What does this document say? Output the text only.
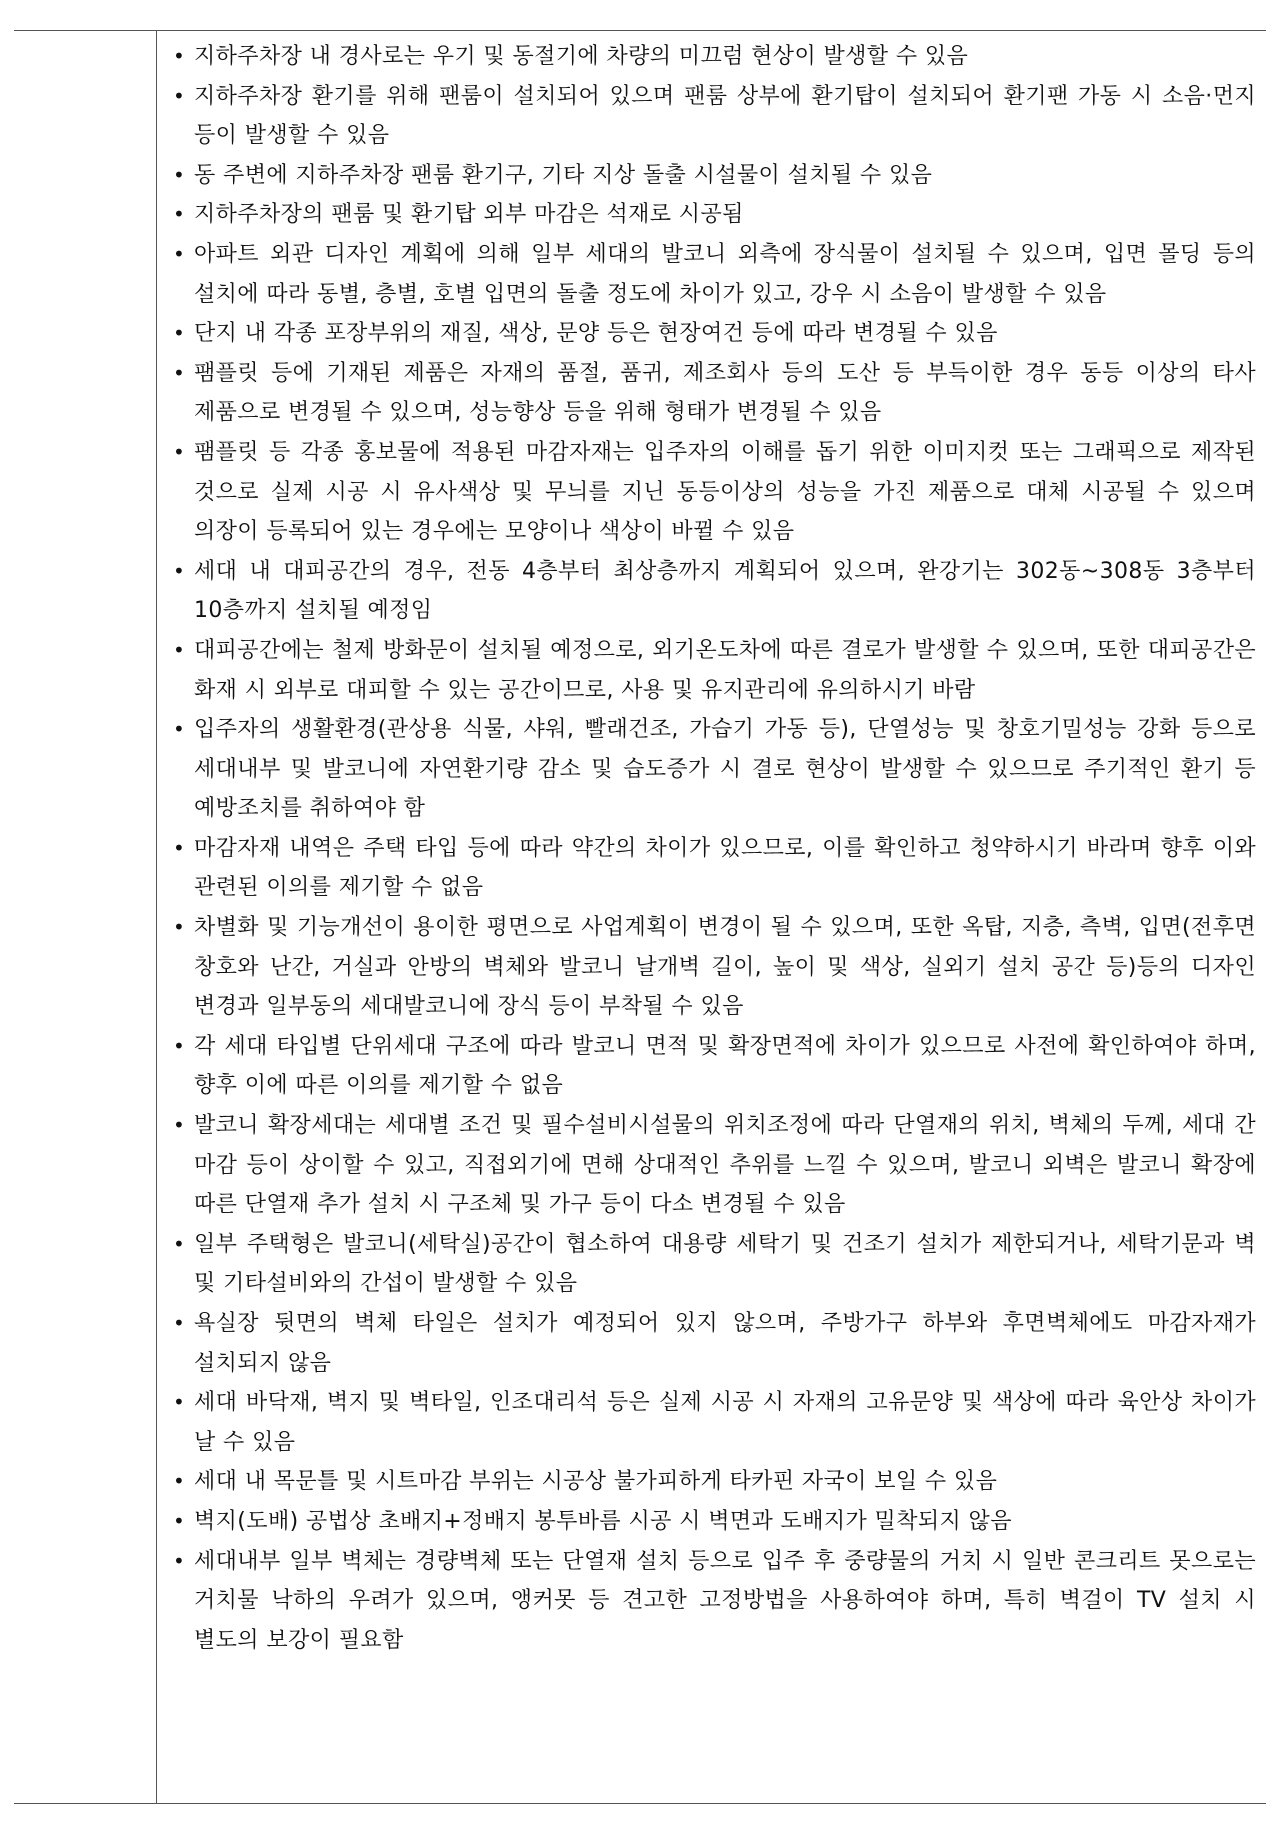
• 지하주차장 내 경사로는 우기 및 동절기에 차량의 미끄럼 현상이 발생할 수 있음
• 지하주차장 환기를 위해 팬룸이 설치되어 있으며 팬룸 상부에 환기탑이 설치되어 환기팬 가동 시 소음·먼지 등이 발생할 수 있음
• 동 주변에 지하주차장 팬룸 환기구, 기타 지상 돌출 시설물이 설치될 수 있음
• 지하주차장의 팬룸 및 환기탑 외부 마감은 석재로 시공됨
• 아파트 외관 디자인 계획에 의해 일부 세대의 발코니 외측에 장식물이 설치될 수 있으며, 입면 몰딩 등의 설치에 따라 동별, 층별, 호별 입면의 돌출 정도에 차이가 있고, 강우 시 소음이 발생할 수 있음
• 단지 내 각종 포장부위의 재질, 색상, 문양 등은 현장여건 등에 따라 변경될 수 있음
• 팸플릿 등에 기재된 제품은 자재의 품절, 품귀, 제조회사 등의 도산 등 부득이한 경우 동등 이상의 타사 제품으로 변경될 수 있으며, 성능향상 등을 위해 형태가 변경될 수 있음
• 팸플릿 등 각종 홍보물에 적용된 마감자재는 입주자의 이해를 돕기 위한 이미지컷 또는 그래픽으로 제작된 것으로 실제 시공 시 유사색상 및 무늬를 지닌 동등이상의 성능을 가진 제품으로 대체 시공될 수 있으며 의장이 등록되어 있는 경우에는 모양이나 색상이 바뀔 수 있음
• 세대 내 대피공간의 경우, 전동 4층부터 최상층까지 계획되어 있으며, 완강기는 302동~308동 3층부터 10층까지 설치될 예정임
• 대피공간에는 철제 방화문이 설치될 예정으로, 외기온도차에 따른 결로가 발생할 수 있으며, 또한 대피공간은 화재 시 외부로 대피할 수 있는 공간이므로, 사용 및 유지관리에 유의하시기 바람
• 입주자의 생활환경(관상용 식물, 샤워, 빨래건조, 가습기 가동 등), 단열성능 및 창호기밀성능 강화 등으로 세대내부 및 발코니에 자연환기량 감소 및 습도증가 시 결로 현상이 발생할 수 있으므로 주기적인 환기 등 예방조치를 취하여야 함
• 마감자재 내역은 주택 타입 등에 따라 약간의 차이가 있으므로, 이를 확인하고 청약하시기 바라며 향후 이와 관련된 이의를 제기할 수 없음
• 차별화 및 기능개선이 용이한 평면으로 사업계획이 변경이 될 수 있으며, 또한 옥탑, 지층, 측벽, 입면(전후면 창호와 난간, 거실과 안방의 벽체와 발코니 날개벽 길이, 높이 및 색상, 실외기 설치 공간 등)등의 디자인 변경과 일부동의 세대발코니에 장식 등이 부착될 수 있음
• 각 세대 타입별 단위세대 구조에 따라 발코니 면적 및 확장면적에 차이가 있으므로 사전에 확인하여야 하며, 향후 이에 따른 이의를 제기할 수 없음
• 발코니 확장세대는 세대별 조건 및 필수설비시설물의 위치조정에 따라 단열재의 위치, 벽체의 두께, 세대 간 마감 등이 상이할 수 있고, 직접외기에 면해 상대적인 추위를 느낄 수 있으며, 발코니 외벽은 발코니 확장에 따른 단열재 추가 설치 시 구조체 및 가구 등이 다소 변경될 수 있음
• 일부 주택형은 발코니(세탁실)공간이 협소하여 대용량 세탁기 및 건조기 설치가 제한되거나, 세탁기문과 벽 및 기타설비와의 간섭이 발생할 수 있음
• 욕실장 뒷면의 벽체 타일은 설치가 예정되어 있지 않으며, 주방가구 하부와 후면벽체에도 마감자재가 설치되지 않음
• 세대 바닥재, 벽지 및 벽타일, 인조대리석 등은 실제 시공 시 자재의 고유문양 및 색상에 따라 육안상 차이가 날 수 있음
• 세대 내 목문틀 및 시트마감 부위는 시공상 불가피하게 타카핀 자국이 보일 수 있음
• 벽지(도배) 공법상 초배지+정배지 봉투바름 시공 시 벽면과 도배지가 밀착되지 않음
• 세대내부 일부 벽체는 경량벽체 또는 단열재 설치 등으로 입주 후 중량물의 거치 시 일반 콘크리트 못으로는 거치물 낙하의 우려가 있으며, 앵커못 등 견고한 고정방법을 사용하여야 하며, 특히 벽걸이 TV 설치 시 별도의 보강이 필요함
